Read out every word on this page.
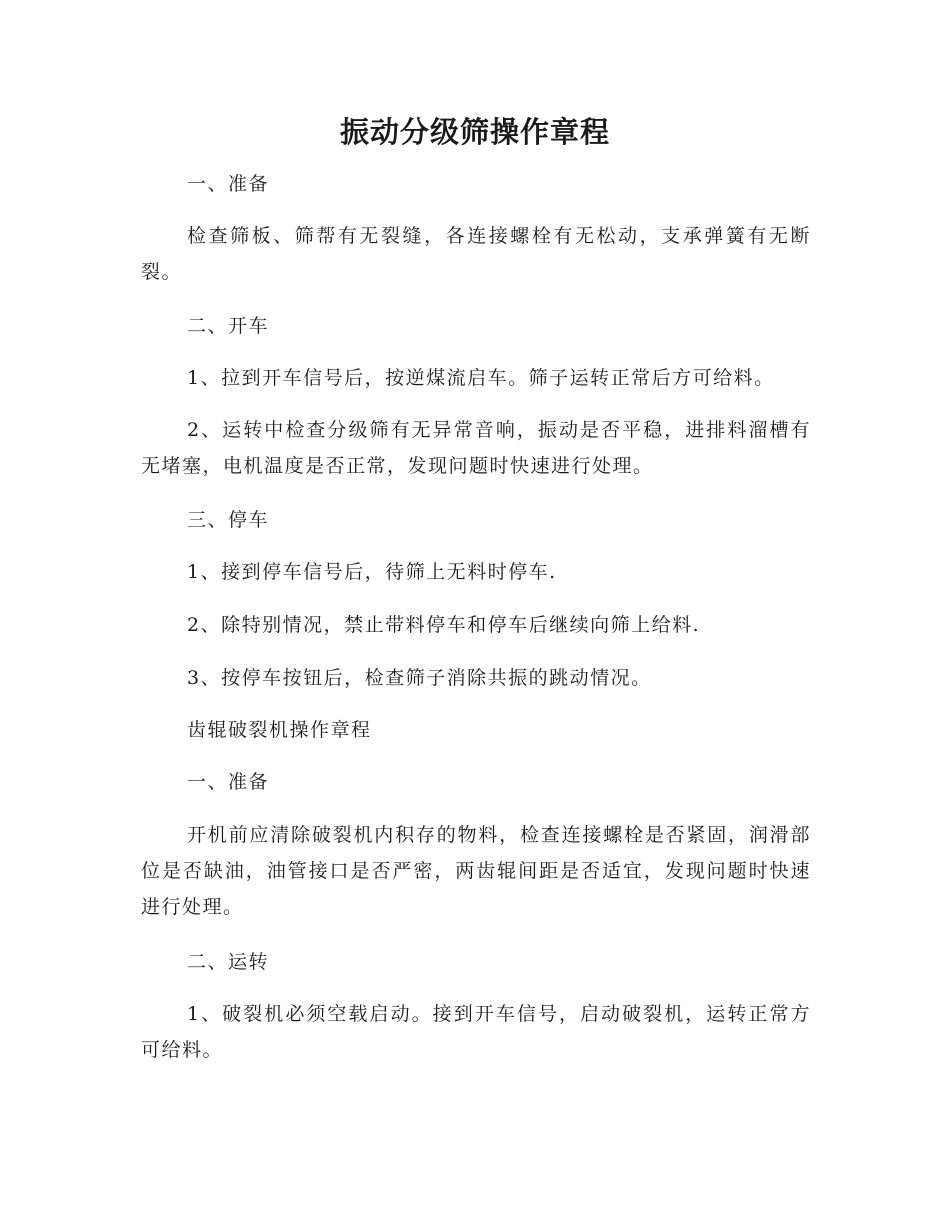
振动分级筛操作章程

一、准备

检查筛板、筛帮有无裂缝，各连接螺栓有无松动，支承弹簧有无断裂。

二、开车

1、拉到开车信号后，按逆煤流启车。筛子运转正常后方可给料。

2、运转中检查分级筛有无异常音响，振动是否平稳，进排料溜槽有无堵塞，电机温度是否正常，发现问题时快速进行处理。

三、停车

1、接到停车信号后，待筛上无料时停车.

2、除特别情况，禁止带料停车和停车后继续向筛上给料.

3、按停车按钮后，检查筛子消除共振的跳动情况。

齿辊破裂机操作章程

一、准备

开机前应清除破裂机内积存的物料，检查连接螺栓是否紧固，润滑部位是否缺油，油管接口是否严密，两齿辊间距是否适宜，发现问题时快速进行处理。

二、运转

1、破裂机必须空载启动。接到开车信号，启动破裂机，运转正常方可给料。
